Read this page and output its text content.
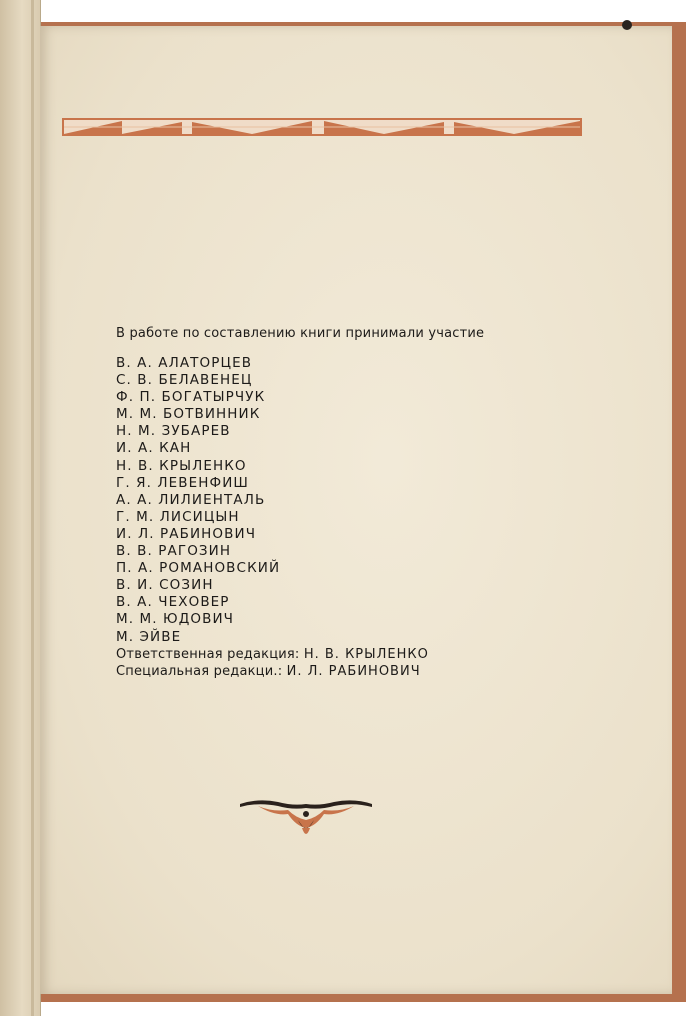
В работе по составлению книги принимали участие

В. А. АЛАТОРЦЕВ
С. В. БЕЛАВЕНЕЦ
Ф. П. БОГАТЫРЧУК
М. М. БОТВИННИК
Н. М. ЗУБАРЕВ
И. А. КАН
Н. В. КРЫЛЕНКО
Г. Я. ЛЕВЕНФИШ
А. А. ЛИЛИЕНТАЛЬ
Г. М. ЛИСИЦЫН
И. Л. РАБИНОВИЧ
В. В. РАГОЗИН
П. А. РОМАНОВСКИЙ
В. И. СОЗИН
В. А. ЧЕХОВЕР
М. М. ЮДОВИЧ
М. ЭЙВЕ
Ответственная редакция: Н. В. КРЫЛЕНКО
Специальная редакци.: И. Л. РАБИНОВИЧ
